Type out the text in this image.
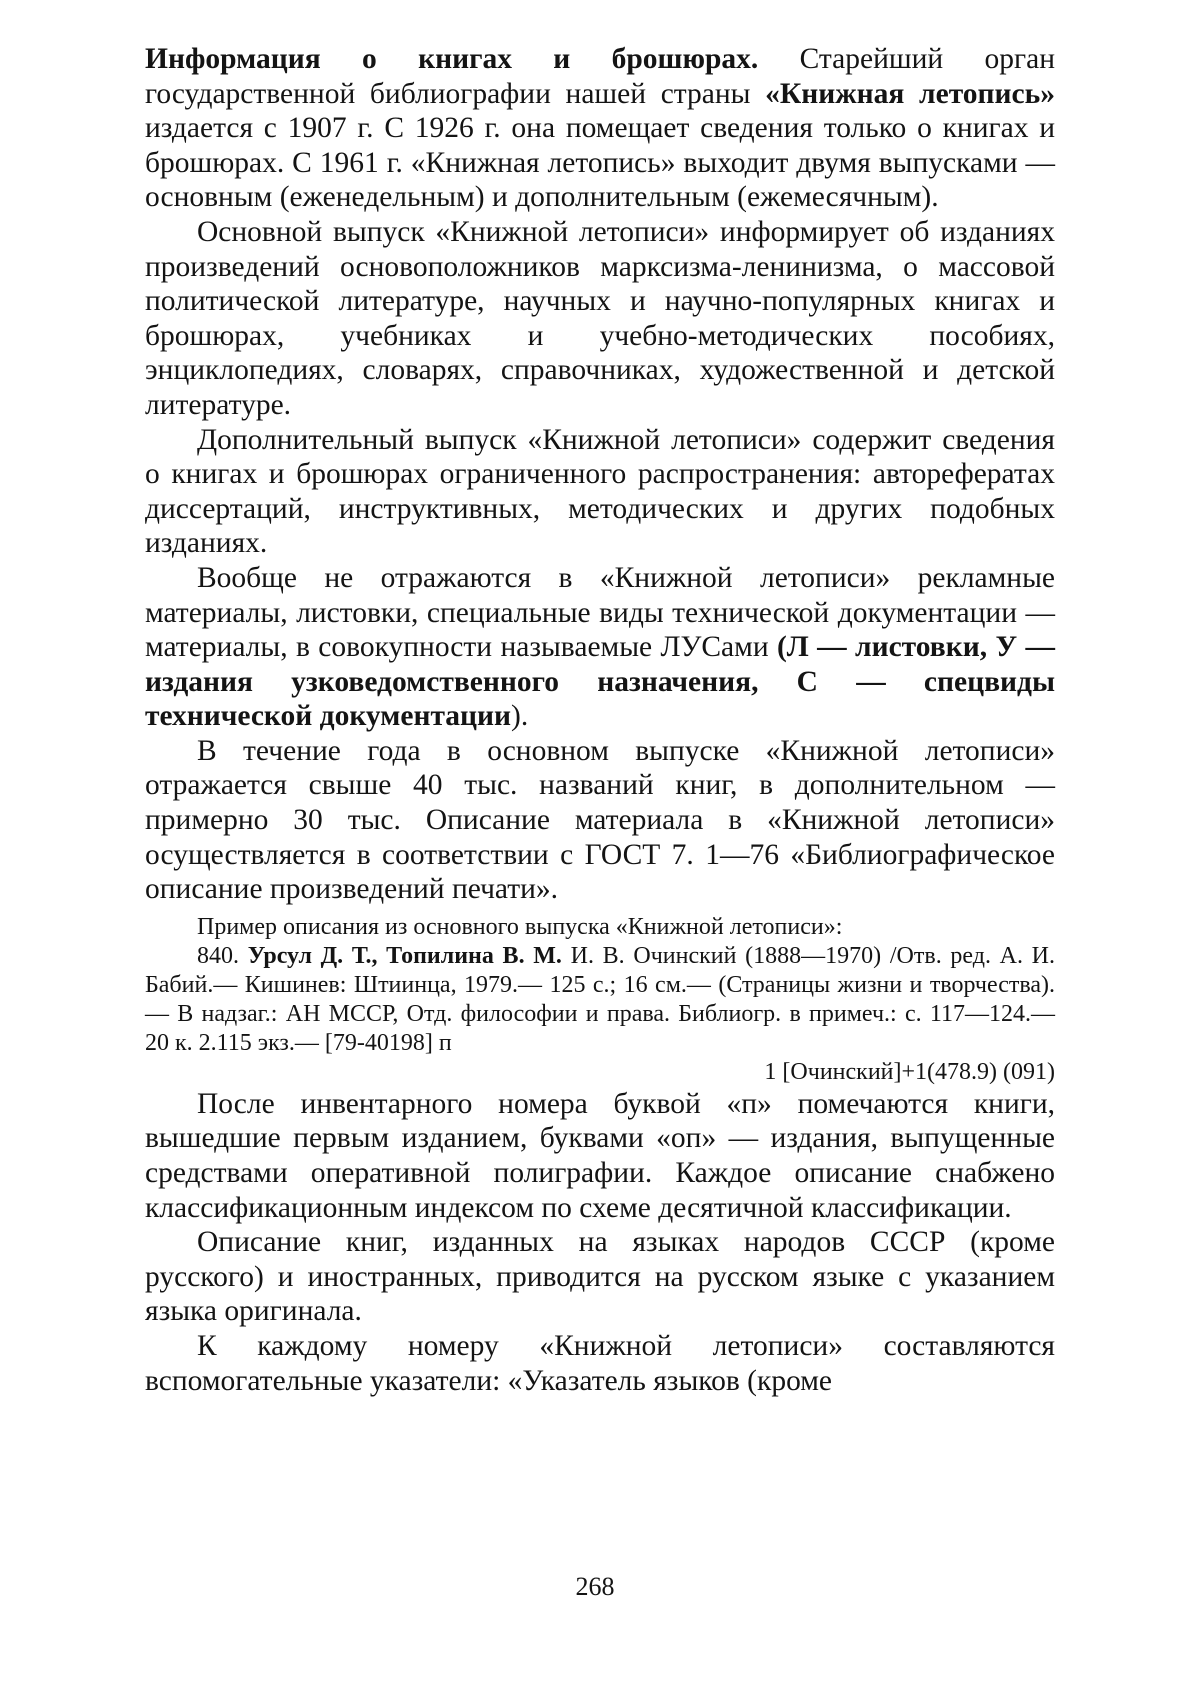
Информация о книгах и брошюрах. Старейший орган государственной библиографии нашей страны «Книжная летопись» издается с 1907 г. С 1926 г. она помещает сведения только о книгах и брошюрах. С 1961 г. «Книжная летопись» выходит двумя выпусками — основным (еженедельным) и дополнительным (ежемесячным).

Основной выпуск «Книжной летописи» информирует об изданиях произведений основоположников марксизма-ленинизма, о массовой политической литературе, научных и научно-популярных книгах и брошюрах, учебниках и учебно-методических пособиях, энциклопедиях, словарях, справочниках, художественной и детской литературе.

Дополнительный выпуск «Книжной летописи» содержит сведения о книгах и брошюрах ограниченного распространения: авторефератах диссертаций, инструктивных, методических и других подобных изданиях.

Вообще не отражаются в «Книжной летописи» рекламные материалы, листовки, специальные виды технической документации — материалы, в совокупности называемые ЛУСами (Л — листовки, У — издания узковедомственного назначения, С — спецвиды технической документации).

В течение года в основном выпуске «Книжной летописи» отражается свыше 40 тыс. названий книг, в дополнительном — примерно 30 тыс. Описание материала в «Книжной летописи» осуществляется в соответствии с ГОСТ 7. 1—76 «Библиографическое описание произведений печати».

Пример описания из основного выпуска «Книжной летописи»:

840. Урсул Д. Т., Топилина В. М. И. В. Очинский (1888—1970) /Отв. ред. А. И. Бабий.— Кишинев: Штиинца, 1979.— 125 с.; 16 см.— (Страницы жизни и творчества).— В надзаг.: АН МССР, Отд. философии и права. Библиогр. в примеч.: с. 117—124.— 20 к. 2.115 экз.— [79-40198] п

1 [Очинский]+1(478.9) (091)

После инвентарного номера буквой «п» помечаются книги, вышедшие первым изданием, буквами «оп» — издания, выпущенные средствами оперативной полиграфии. Каждое описание снабжено классификационным индексом по схеме десятичной классификации.

Описание книг, изданных на языках народов СССР (кроме русского) и иностранных, приводится на русском языке с указанием языка оригинала.

К каждому номеру «Книжной летописи» составляются вспомогательные указатели: «Указатель языков (кроме

268
